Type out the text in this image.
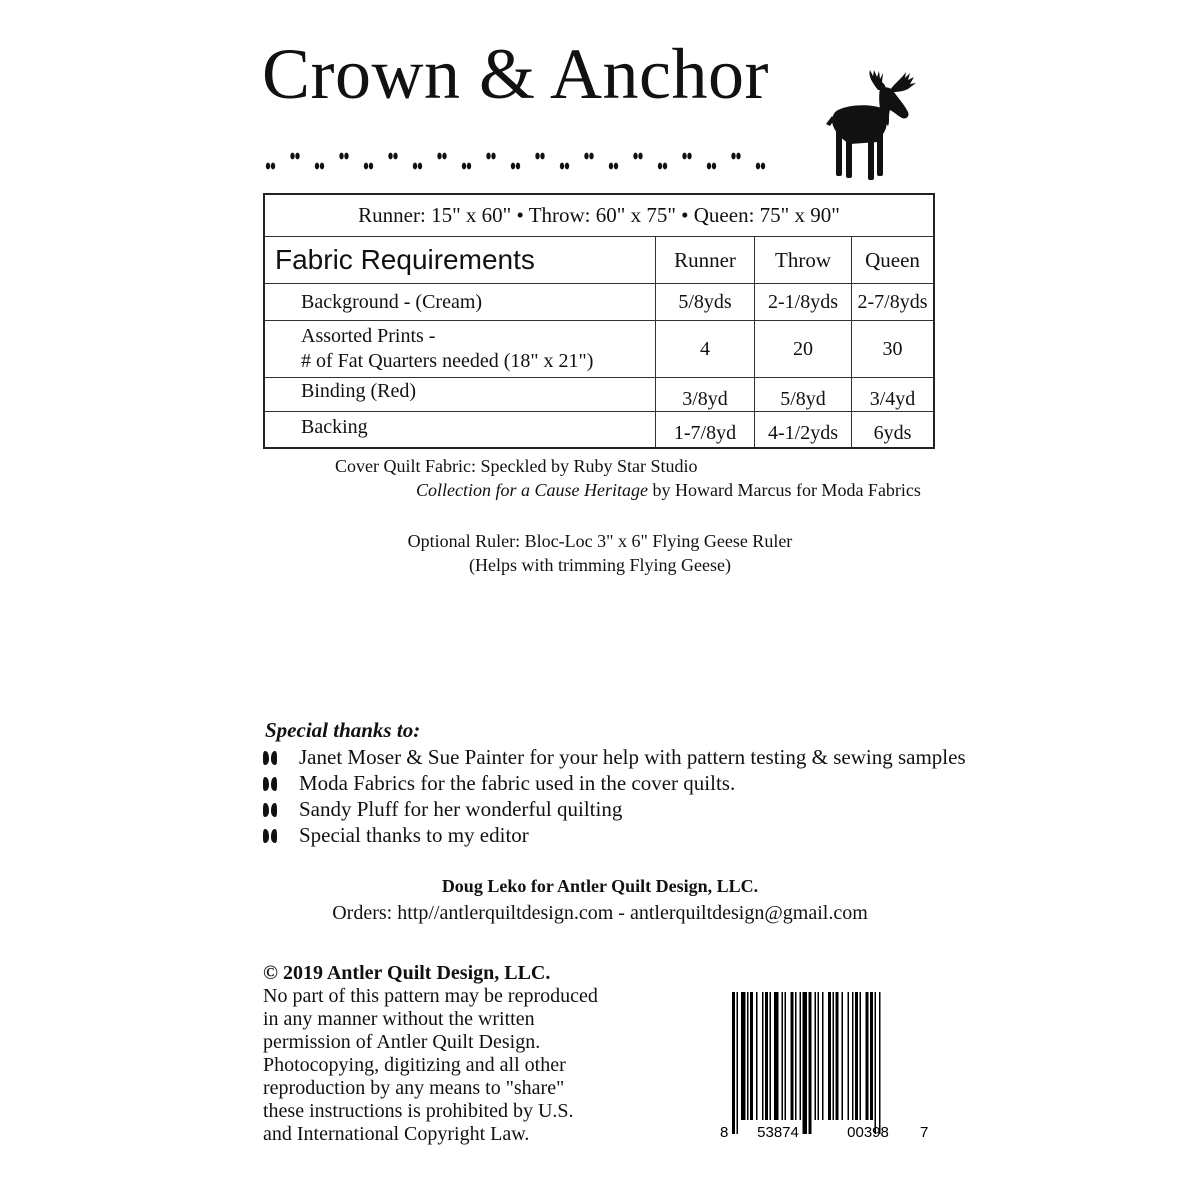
Crown & Anchor
Runner: 15" x 60" • Throw: 60" x 75" • Queen: 75" x 90"			
Fabric Requirements	Runner	Throw	Queen
Background - (Cream)	5/8yds	2-1/8yds	2-7/8yds

Assorted Prints -
# of Fat Quarters needed (18" x 21")	4	20	30
Binding (Red)	3/8yd	5/8yd	3/4yd
Backing	1-7/8yd	4-1/2yds	6yds
Cover Quilt Fabric: Speckled by Ruby Star Studio
Collection for a Cause Heritage by Howard Marcus for Moda Fabrics
Optional Ruler: Bloc-Loc 3" x 6" Flying Geese Ruler
(Helps with trimming Flying Geese)
Special thanks to:
Janet Moser & Sue Painter for your help with pattern testing & sewing samples
Moda Fabrics for the fabric used in the cover quilts.
Sandy Pluff for her wonderful quilting
Special thanks to my editor
Doug Leko for Antler Quilt Design, LLC.
Orders: http//antlerquiltdesign.com - antlerquiltdesign@gmail.com
© 2019 Antler Quilt Design, LLC.
No part of this pattern may be reproduced
in any manner without the written
permission of Antler Quilt Design.
Photocopying, digitizing and all other
reproduction by any means to "share"
these instructions is prohibited by U.S.
and International Copyright Law.	8 53874	00398 7
